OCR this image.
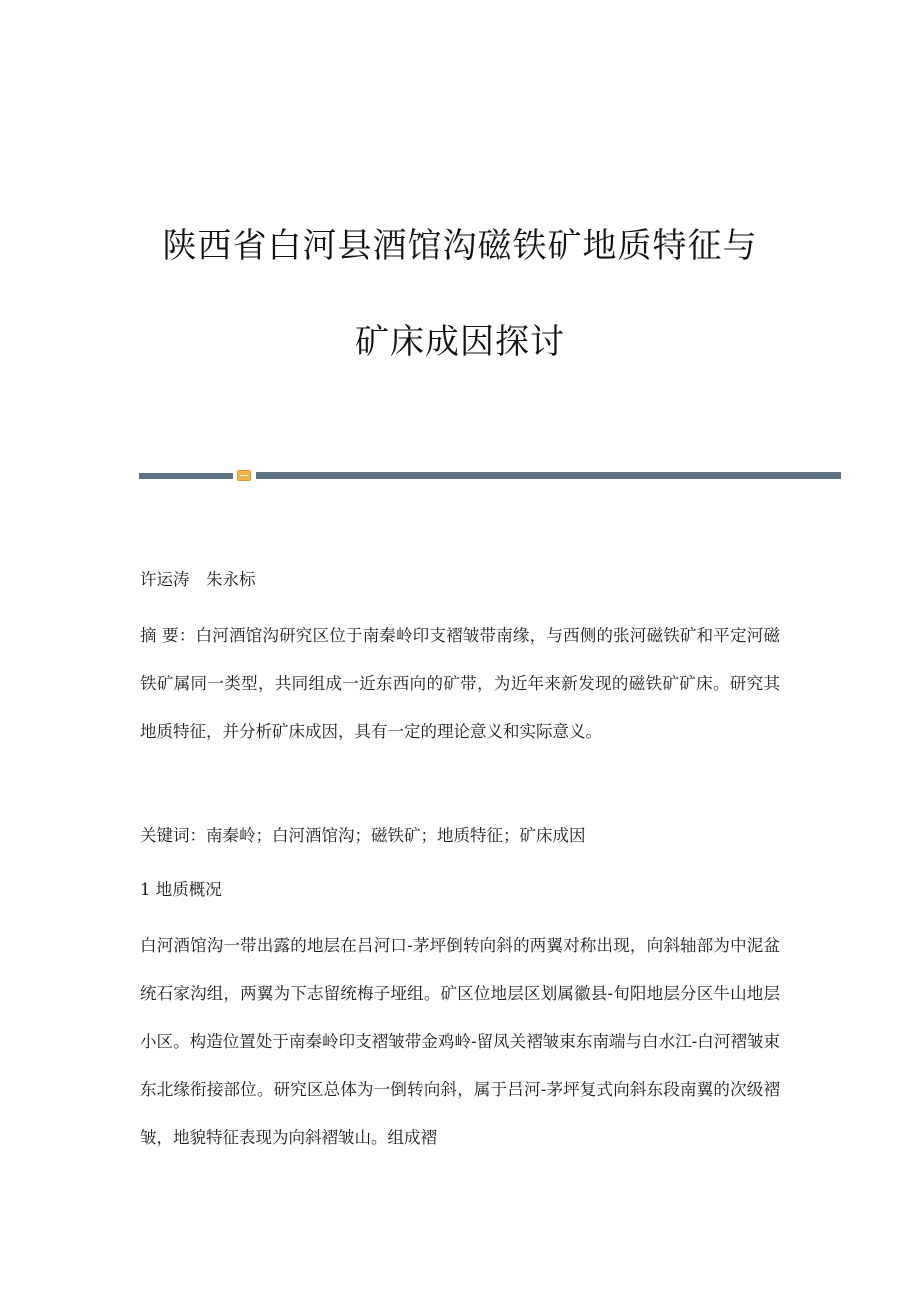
陕西省白河县酒馆沟磁铁矿地质特征与
矿床成因探讨

许运涛　朱永标

摘 要：白河酒馆沟研究区位于南秦岭印支褶皱带南缘，与西侧的张河磁铁矿和平定河磁铁矿属同一类型，共同组成一近东西向的矿带，为近年来新发现的磁铁矿矿床。研究其地质特征，并分析矿床成因，具有一定的理论意义和实际意义。

关键词：南秦岭；白河酒馆沟；磁铁矿；地质特征；矿床成因

1 地质概况

白河酒馆沟一带出露的地层在吕河口-茅坪倒转向斜的两翼对称出现，向斜轴部为中泥盆统石家沟组，两翼为下志留统梅子垭组。矿区位地层区划属徽县-旬阳地层分区牛山地层小区。构造位置处于南秦岭印支褶皱带金鸡岭-留凤关褶皱束东南端与白水江-白河褶皱束东北缘衔接部位。研究区总体为一倒转向斜，属于吕河-茅坪复式向斜东段南翼的次级褶皱，地貌特征表现为向斜褶皱山。组成褶
